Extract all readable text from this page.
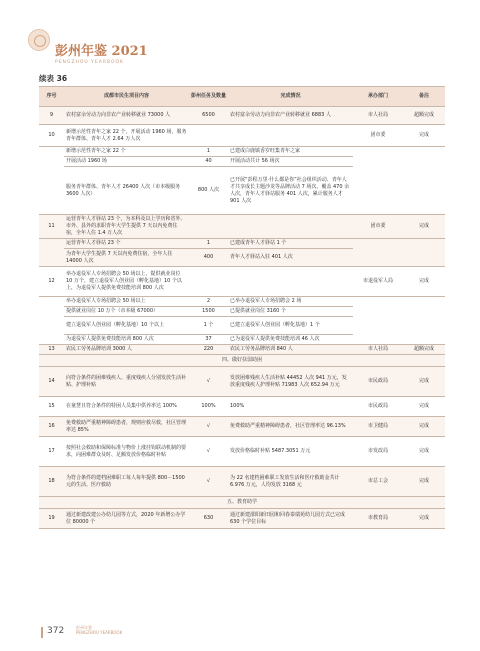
彭州年鉴 2021
PENGZHOU YEARBOOK
续表 36
序号	成都市民生项目内容	彭州任务及数量	完成情况	承办部门	备注
9	农村富余劳动力向非农产业转移就业 73000 人	6500	农村富余劳动力向非农产业转移就业 6883 人	市人社局	超额完成
10	新增示范性青年之家 22 个，开展活动 1960 场，服务青年群体、青年人才 2.64 万人次			团市委	完成
	新增示范性青年之家 22 个	1	已建成白鹿镇香岁旺集青年之家		
	开展活动 1960 场	40	开展活动共计 56 场次		
	服务青年群体、青年人才 26400 人次（市本级服务 3600 人次）	800 人次	已开展“彭程万里·什么都是你”社会组织活动、青年人才共享成长主题沙龙等品牌活动 7 场次、覆盖 470 余人次，青年人才驿站服务 401 人次，累计服务人才 901 人次		
11	运营青年人才驿站 23 个，为本科及以上学历和省外、市外、县外的求职青年大学生提供 7 天以内免费住宿，全年人住 1.4 万人次			团市委	完成
	运营青年人才驿站 23 个	1	已建成青年人才驿站 1 个		
	为青年大学生提供 7 天以内免费住宿，全年人住 14000 人次	400	青年人才驿站入驻 401 人次		
12	举办退役军人专场招聘会 50 场以上，提供就业岗位 10 万个，建立退役军人创业园（孵化基地）10 个以上，为退役军人提供免费技能培训 800 人次			市退役军人局	完成
	举办退役军人专场招聘会 50 场以上	2	已举办退役军人专场招聘会 2 场		
	提供就业岗位 10 万个（市本级 67000）	1500	已提供就业岗位 3160 个		
	建立退役军人创业园（孵化基地）10 个以上	1 个	已建立退役军人创业园（孵化基地）1 个		
	为退役军人提供免费技能培训 800 人次	37	已为退役军人提供免费技能培训 46 人次		
13	农民工劳务品牌培训 3000 人	220	农民工劳务品牌培训 840 人	市人社局	超额完成
四、做好扶弱助困					
14	向符合条件的困难残疾人、重度残疾人分别发放生活补贴、护理补贴	√	发放困难残疾人生活补贴 44452 人次 941 万元，发放重度残疾人护理补贴 71983 人次 652.94 万元	市民政局	完成
15	在童慧且符合条件的特困人员集中供养率达 100%	100%	100%	市民政局	完成
16	免费救助严重精神障碍患者，规则应救尽救，社区管理率达 85%	√	免费救助严重精神障碍患者，社区管理率达 96.13%	市卫健局	完成
17	按照社会救助和保障标准与物价上涨挂钩联动机制的要求，向困难群众及时、足额发放价格临时补贴	√	发放价格临时补贴 5487.3051 万元	市发改局	完成
18	为符合条件的建档困难职工每人每年提供 800－1500 元的生活、医疗救助	√	为 22 名建档困难职工发放生活和医疗救助金共计 6.976 万元，人均发放 3168 元	市总工会	完成
五、教育助学					
19	通过新建改建公办幼儿园等方式，2020 年新增公办学位 80000 个	630	通过新建濛阳新田园和回春泰瑞苑幼儿园方式已完成 630 个学位目标	市教育局	完成
372	彭州年鉴
PENGZHOU YEARBOOK
